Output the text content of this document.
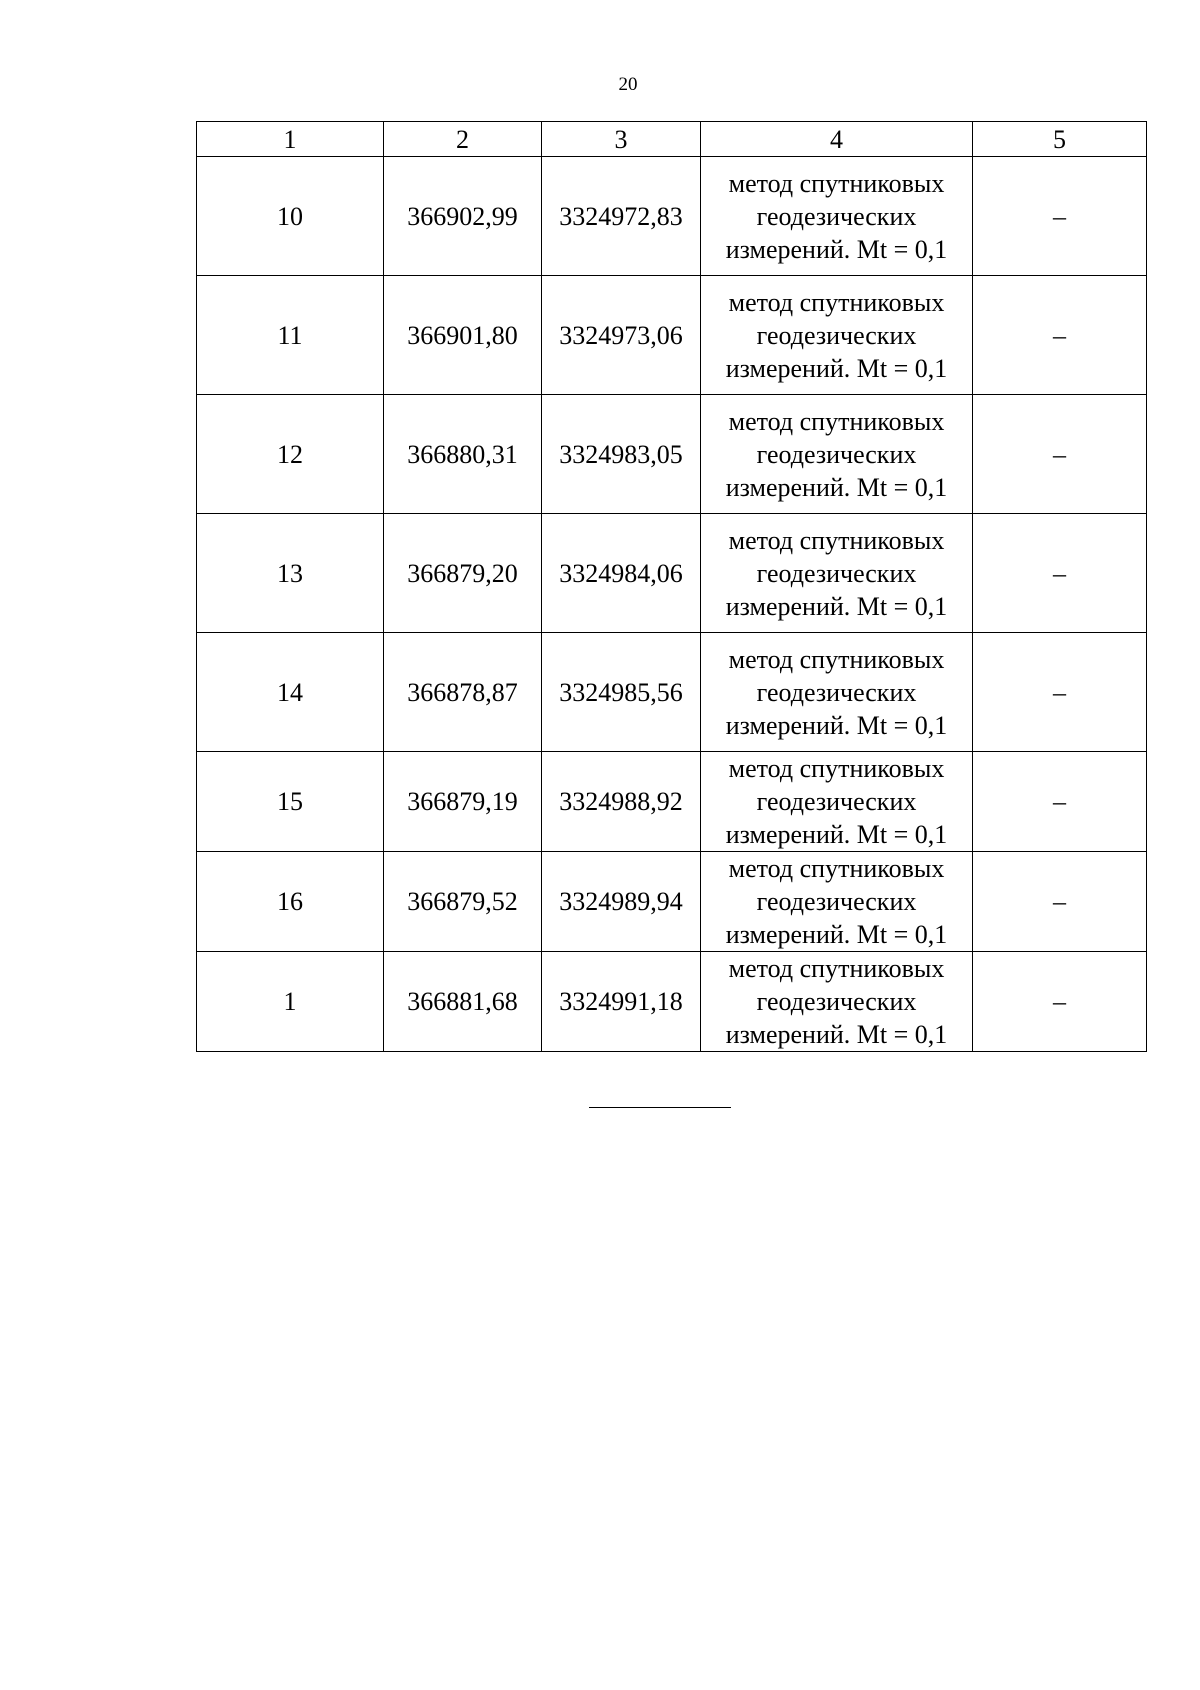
20
1	2	3	4	5
10	366902,99	3324972,83	метод спутниковых
геодезических
измерений. Mt = 0,1	–
11	366901,80	3324973,06	метод спутниковых
геодезических
измерений. Mt = 0,1	–
12	366880,31	3324983,05	метод спутниковых
геодезических
измерений. Mt = 0,1	–
13	366879,20	3324984,06	метод спутниковых
геодезических
измерений. Mt = 0,1	–
14	366878,87	3324985,56	метод спутниковых
геодезических
измерений. Mt = 0,1	–
15	366879,19	3324988,92	метод спутниковых
геодезических
измерений. Mt = 0,1	–
16	366879,52	3324989,94	метод спутниковых
геодезических
измерений. Mt = 0,1	–
1	366881,68	3324991,18	метод спутниковых
геодезических
измерений. Mt = 0,1	–
